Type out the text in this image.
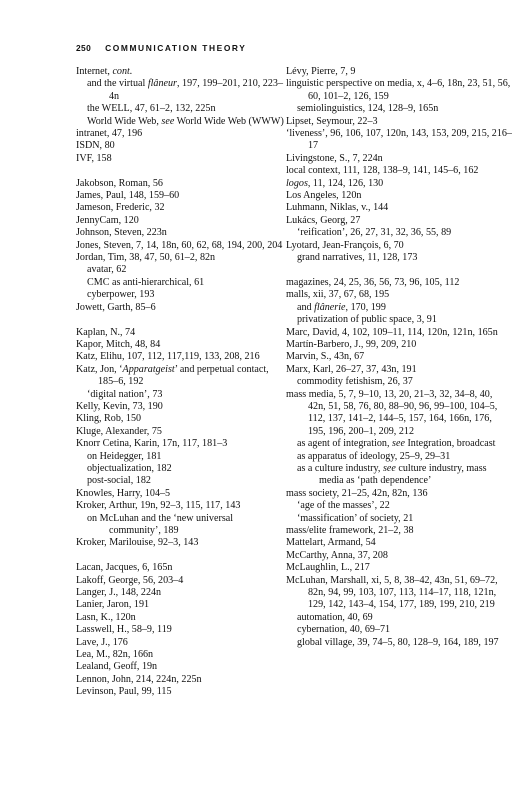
250 COMMUNICATION THEORY
Internet, cont.
and the virtual flâneur, 197, 199–201, 210, 223–4n
the WELL, 47, 61–2, 132, 225n
World Wide Web, see World Wide Web (WWW)
intranet, 47, 196
ISDN, 80
IVF, 158
Jakobson, Roman, 56
James, Paul, 148, 159–60
Jameson, Frederic, 32
JennyCam, 120
Johnson, Steven, 223n
Jones, Steven, 7, 14, 18n, 60, 62, 68, 194, 200, 204
Jordan, Tim, 38, 47, 50, 61–2, 82n
avatar, 62
CMC as anti-hierarchical, 61
cyberpower, 193
Jowett, Garth, 85–6
Kaplan, N., 74
Kapor, Mitch, 48, 84
Katz, Elihu, 107, 112, 117,119, 133, 208, 216
Katz, Jon, ‘Apparatgeist’ and perpetual contact, 185–6, 192
‘digital nation’, 73
Kelly, Kevin, 73, 190
Kling, Rob, 150
Kluge, Alexander, 75
Knorr Cetina, Karin, 17n, 117, 181–3
on Heidegger, 181
objectualization, 182
post-social, 182
Knowles, Harry, 104–5
Kroker, Arthur, 19n, 92–3, 115, 117, 143
on McLuhan and the ‘new universal community’, 189
Kroker, Marilouise, 92–3, 143
Lacan, Jacques, 6, 165n
Lakoff, George, 56, 203–4
Langer, J., 148, 224n
Lanier, Jaron, 191
Lasn, K., 120n
Lasswell, H., 58–9, 119
Lave, J., 176
Lea, M., 82n, 166n
Lealand, Geoff, 19n
Lennon, John, 214, 224n, 225n
Levinson, Paul, 99, 115
Lévy, Pierre, 7, 9
linguistic perspective on media, x, 4–6, 18n, 23, 51, 56, 60, 101–2, 126, 159
semiolinguistics, 124, 128–9, 165n
Lipset, Seymour, 22–3
‘liveness’, 96, 106, 107, 120n, 143, 153, 209, 215, 216–17
Livingstone, S., 7, 224n
local context, 111, 128, 138–9, 141, 145–6, 162
logos, 11, 124, 126, 130
Los Angeles, 120n
Luhmann, Niklas, v., 144
Lukács, Georg, 27
‘reification’, 26, 27, 31, 32, 36, 55, 89
Lyotard, Jean-François, 6, 70
grand narratives, 11, 128, 173
magazines, 24, 25, 36, 56, 73, 96, 105, 112
malls, xii, 37, 67, 68, 195
and flânerie, 170, 199
privatization of public space, 3, 91
Marc, David, 4, 102, 109–11, 114, 120n, 121n, 165n
Martín-Barbero, J., 99, 209, 210
Marvin, S., 43n, 67
Marx, Karl, 26–27, 37, 43n, 191
commodity fetishism, 26, 37
mass media, 5, 7, 9–10, 13, 20, 21–3, 32, 34–8, 40, 42n, 51, 58, 76, 80, 88–90, 96, 99–100, 104–5, 112, 137, 141–2, 144–5, 157, 164, 166n, 176, 195, 196, 200–1, 209, 212
as agent of integration, see Integration, broadcast
as apparatus of ideology, 25–9, 29–31
as a culture industry, see culture industry, mass media as ‘path dependence’
mass society, 21–25, 42n, 82n, 136
‘age of the masses’, 22
‘massification’ of society, 21
mass/elite framework, 21–2, 38
Mattelart, Armand, 54
McCarthy, Anna, 37, 208
McLaughlin, L., 217
McLuhan, Marshall, xi, 5, 8, 38–42, 43n, 51, 69–72, 82n, 94, 99, 103, 107, 113, 114–17, 118, 121n, 129, 142, 143–4, 154, 177, 189, 199, 210, 219
automation, 40, 69
cybernation, 40, 69–71
global village, 39, 74–5, 80, 128–9, 164, 189, 197
